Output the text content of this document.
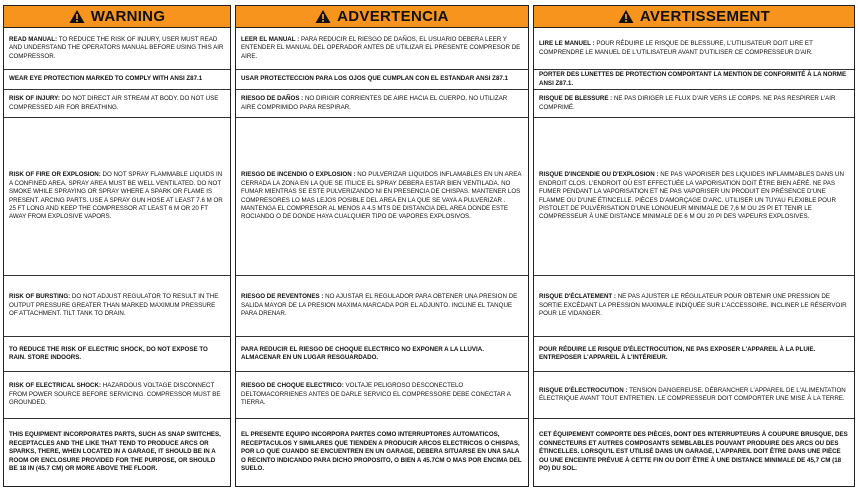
WARNING
READ MANUAL: TO REDUCE THE RISK OF INJURY, USER MUST READ AND UNDERSTAND THE OPERATORS MANUAL BEFORE USING THIS AIR COMPRESSOR.
WEAR EYE PROTECTION MARKED TO COMPLY WITH ANSI Z87.1
RISK OF INJURY: DO NOT DIRECT AIR STREAM AT BODY. DO NOT USE COMPRESSED AIR FOR BREATHING.
RISK OF FIRE OR EXPLOSION: DO NOT SPRAY FLAMMABLE LIQUIDS IN A CONFINED AREA. SPRAY AREA MUST BE WELL VENTILATED. DO NOT SMOKE WHILE SPRAYING OR SPRAY WHERE A SPARK OR FLAME IS PRESENT. ARCING PARTS. USE A SPRAY GUN HOSE AT LEAST 7.6 M OR 25 FT LONG AND KEEP THE COMPRESSOR AT LEAST 6 M OR 20 FT AWAY FROM EXPLOSIVE VAPORS.
RISK OF BURSTING: DO NOT ADJUST REGULATOR TO RESULT IN THE OUTPUT PRESSURE GREATER THAN MARKED MAXIMUM PRESSURE OF ATTACHMENT. TILT TANK TO DRAIN.
TO REDUCE THE RISK OF ELECTRIC SHOCK, DO NOT EXPOSE TO RAIN. STORE INDOORS.
RISK OF ELECTRICAL SHOCK: HAZARDOUS VOLTAGE DISCONNECT FROM POWER SOURCE BEFORE SERVICING. COMPRESSOR MUST BE GROUNDED.
THIS EQUIPMENT INCORPORATES PARTS, SUCH AS SNAP SWITCHES, RECEPTACLES AND THE LIKE THAT TEND TO PRODUCE ARCS OR SPARKS, THERE, WHEN LOCATED IN A GARAGE, IT SHOULD BE IN A ROOM OR ENCLOSURE PROVIDED FOR THE PURPOSE, OR SHOULD BE 18 IN (45.7 CM) OR MORE ABOVE THE FLOOR.
ADVERTENCIA
LEER EL MANUAL : PARA REDUCIR EL RIESGO DE DAÑOS, EL USUARIO DEBERA LEER Y ENTENDER EL MANUAL DEL OPERADOR ANTES DE UTILIZAR EL PRESENTE COMPRESOR DE AIRE.
USAR PROTECTECCION PARA LOS OJOS QUE CUMPLAN CON EL ESTANDAR ANSI Z87.1
RIESGO DE DAÑOS : NO DIRIGIR CORRIENTES DE AIRE HACIA EL CUERPO, NO UTILIZAR AIRE COMPRIMIDO PARA RESPIRAR.
RIESGO DE INCENDIO O EXPLOSION : NO PULVERIZAR LIQUIDOS INFLAMABLES EN UN AREA CERRADA LA ZONA EN LA QUE SE ITILICE EL SPRAY DEBERA ESTAR BIEN VENTILADA. NO FUMAR MIENTRAS SE ESTE PULVERIZANDO NI EN PRESENCIA DE CHISPAS. MANTENER LOS COMPRESORES LO MAS LEJOS POSIBLE DEL AREA EN LA QUE SE VAYA A PULVERIZAR . MANTENGA EL COMPRESOR AL MENOS A 4.5 MTS DE DISTANCIA DEL AREA DONDE ESTE ROCIANDO O DE DONDE HAYA CUALQUIER TIPO DE VAPORES EXPLOSIVOS.
RIESGO DE REVENTONES : NO AJUSTAR EL REGULADOR PARA OBTENER UNA PRESION DE SALIDA MAYOR DE LA PRESION MAXIMA MARCADA POR EL ADJUNTO. INCLINE EL TANQUE PARA DRENAR.
PARA REDUCIR EL RIESGO DE CHOQUE ELECTRICO NO EXPONER A LA LLUVIA. ALMACENAR EN UN LUGAR RESGUARDADO.
RIESGO DE CHOQUE ELECTRICO: VOLTAJE PELIGROSO DESCONECTELO DELTOMACORRIENES ANTES DE DARLE SERVICO EL COMPRESSORE DEBE CONECTAR A TIERRA.
EL PRESENTE EQUIPO INCORPORA PARTES COMO INTERRUPTORES AUTOMATICOS, RECEPTACULOS Y SIMILARES QUE TIENDEN A PRODUCIR ARCOS ELECTRICOS O CHISPAS, POR LO QUE CUANDO SE ENCUENTREN EN UN GARAGE, DEBERA SITUARSE EN UNA SALA O RECINTO INDICANDO PARA DICHO PROPOSITO, O BIEN A 45.7CM O MAS POR ENCIMA DEL SUELO.
AVERTISSEMENT
LIRE LE MANUEL : POUR RÉDUIRE LE RISQUE DE BLESSURE, L'UTILISATEUR DOIT LIRE ET COMPRENDRE LE MANUEL DE L'UTILISATEUR AVANT D'UTILISER CE COMPRESSEUR D'AIR.
PORTER DES LUNETTES DE PROTECTION COMPORTANT LA MENTION DE CONFORMITÉ À LA NORME ANSI Z87.1.
RISQUE DE BLESSURE : NE PAS DIRIGER LE FLUX D'AIR VERS LE CORPS. NE PAS RESPIRER L'AIR COMPRIMÉ.
RISQUE D'INCENDIE OU D'EXPLOSION : NE PAS VAPORISER DES LIQUIDES INFLAMMABLES DANS UN ENDROIT CLOS. L'ENDROIT OÙ EST EFFECTUÉE LA VAPORISATION DOIT ÊTRE BIEN AÉRÉ. NE PAS FUMER PENDANT LA VAPORISATION ET NE PAS VAPORISER UN PRODUIT EN PRÉSENCE D'UNE FLAMME OU D'UNE ÉTINCELLE. PIÈCES D'AMORÇAGE D'ARC. UTILISER UN TUYAU FLEXIBLE POUR PISTOLET DE PULVÉRISATION D'UNE LONGUEUR MINIMALE DE 7,6 M OU 25 PI ET TENIR LE COMPRESSEUR À UNE DISTANCE MINIMALE DE 6 M OU 20 PI DES VAPEURS EXPLOSIVES.
RISQUE D'ÉCLATEMENT : NE PAS AJUSTER LE RÉGULATEUR POUR OBTENIR UNE PRESSION DE SORTIE EXCÉDANT LA PRESSION MAXIMALE INDIQUÉE SUR L'ACCESSOIRE. INCLINER LE RÉSERVOIR POUR LE VIDANGER.
POUR RÉDUIRE LE RISQUE D'ÉLECTROCUTION, NE PAS EXPOSER L'APPAREIL À LA PLUIE. ENTREPOSER L'APPAREIL À L'INTÉRIEUR.
RISQUE D'ÉLECTROCUTION : TENSION DANGEREUSE. DÉBRANCHER L'APPAREIL DE L'ALIMENTATION ÉLECTRIQUE AVANT TOUT ENTRETIEN. LE COMPRESSEUR DOIT COMPORTER UNE MISE À LA TERRE.
CET ÉQUIPEMENT COMPORTE DES PIÈCES, DONT DES INTERRUPTEURS À COUPURE BRUSQUE, DES CONNECTEURS ET AUTRES COMPOSANTS SEMBLABLES POUVANT PRODUIRE DES ARCS OU DES ÉTINCELLES. LORSQU'IL EST UTILISÉ DANS UN GARAGE, L'APPAREIL DOIT ÊTRE DANS UNE PIÈCE OU UNE ENCEINTE PRÉVUE À CETTE FIN OU DOIT ÊTRE À UNE DISTANCE MINIMALE DE 45,7 CM (18 PO) DU SOL.
